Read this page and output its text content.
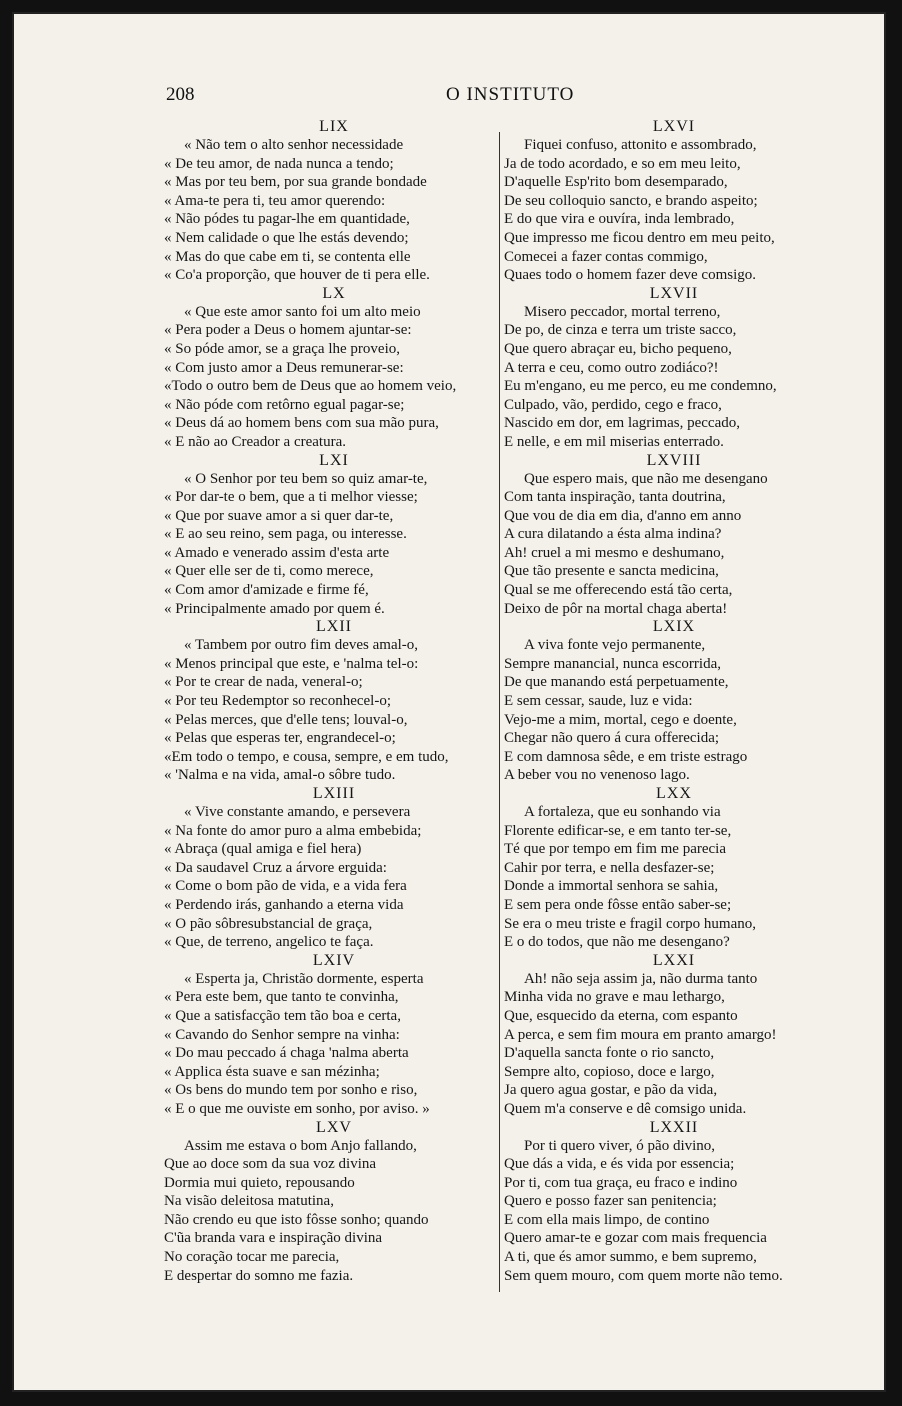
208	O INSTITUTO
LIX
« Não tem o alto senhor necessidade
« De teu amor, de nada nunca a tendo;
« Mas por teu bem, por sua grande bondade
« Ama-te pera ti, teu amor querendo:
« Não pódes tu pagar-lhe em quantidade,
« Nem calidade o que lhe estás devendo;
« Mas do que cabe em ti, se contenta elle
« Co'a proporção, que houver de ti pera elle.
LX
« Que este amor santo foi um alto meio
« Pera poder a Deus o homem ajuntar-se:
« So póde amor, se a graça lhe proveio,
« Com justo amor a Deus remunerar-se:
«Todo o outro bem de Deus que ao homem veio,
« Não póde com retôrno egual pagar-se;
« Deus dá ao homem bens com sua mão pura,
« E não ao Creador a creatura.
LXI
« O Senhor por teu bem so quiz amar-te,
« Por dar-te o bem, que a ti melhor viesse;
« Que por suave amor a si quer dar-te,
« E ao seu reino, sem paga, ou interesse.
« Amado e venerado assim d'esta arte
« Quer elle ser de ti, como merece,
« Com amor d'amizade e firme fé,
« Principalmente amado por quem é.
LXII
« Tambem por outro fim deves amal-o,
« Menos principal que este, e 'nalma tel-o:
« Por te crear de nada, veneral-o;
« Por teu Redemptor so reconhecel-o;
« Pelas merces, que d'elle tens; louval-o,
« Pelas que esperas ter, engrandecel-o;
«Em todo o tempo, e cousa, sempre, e em tudo,
« 'Nalma e na vida, amal-o sôbre tudo.
LXIII
« Vive constante amando, e persevera
« Na fonte do amor puro a alma embebida;
« Abraça (qual amiga e fiel hera)
« Da saudavel Cruz a árvore erguida:
« Come o bom pão de vida, e a vida fera
« Perdendo irás, ganhando a eterna vida
« O pão sôbresubstancial de graça,
« Que, de terreno, angelico te faça.
LXIV
« Esperta ja, Christão dormente, esperta
« Pera este bem, que tanto te convinha,
« Que a satisfacção tem tão boa e certa,
« Cavando do Senhor sempre na vinha:
« Do mau peccado á chaga 'nalma aberta
« Applica ésta suave e san mézinha;
« Os bens do mundo tem por sonho e riso,
« E o que me ouviste em sonho, por aviso. »
LXV
Assim me estava o bom Anjo fallando,
Que ao doce som da sua voz divina
Dormia mui quieto, repousando
Na visão deleitosa matutina,
Não crendo eu que isto fôsse sonho; quando
C'ũa branda vara e inspiração divina
No coração tocar me parecia,
E despertar do somno me fazia.
LXVI
Fiquei confuso, attonito e assombrado,
Ja de todo acordado, e so em meu leito,
D'aquelle Esp'rito bom desemparado,
De seu colloquio sancto, e brando aspeito;
E do que vira e ouvíra, inda lembrado,
Que impresso me ficou dentro em meu peito,
Comecei a fazer contas commigo,
Quaes todo o homem fazer deve comsigo.
LXVII
Misero peccador, mortal terreno,
De po, de cinza e terra um triste sacco,
Que quero abraçar eu, bicho pequeno,
A terra e ceu, como outro zodiáco?!
Eu m'engano, eu me perco, eu me condemno,
Culpado, vão, perdido, cego e fraco,
Nascido em dor, em lagrimas, peccado,
E nelle, e em mil miserias enterrado.
LXVIII
Que espero mais, que não me desengano
Com tanta inspiração, tanta doutrina,
Que vou de dia em dia, d'anno em anno
A cura dilatando a ésta alma indina?
Ah! cruel a mi mesmo e deshumano,
Que tão presente e sancta medicina,
Qual se me offerecendo está tão certa,
Deixo de pôr na mortal chaga aberta!
LXIX
A viva fonte vejo permanente,
Sempre manancial, nunca escorrida,
De que manando está perpetuamente,
E sem cessar, saude, luz e vida:
Vejo-me a mim, mortal, cego e doente,
Chegar não quero á cura offerecida;
E com damnosa sêde, e em triste estrago
A beber vou no venenoso lago.
LXX
A fortaleza, que eu sonhando via
Florente edificar-se, e em tanto ter-se,
Té que por tempo em fim me parecia
Cahir por terra, e nella desfazer-se;
Donde a immortal senhora se sahia,
E sem pera onde fôsse então saber-se;
Se era o meu triste e fragil corpo humano,
E o do todos, que não me desengano?
LXXI
Ah! não seja assim ja, não durma tanto
Minha vida no grave e mau lethargo,
Que, esquecido da eterna, com espanto
A perca, e sem fim moura em pranto amargo!
D'aquella sancta fonte o rio sancto,
Sempre alto, copioso, doce e largo,
Ja quero agua gostar, e pão da vida,
Quem m'a conserve e dê comsigo unida.
LXXII
Por ti quero viver, ó pão divino,
Que dás a vida, e és vida por essencia;
Por ti, com tua graça, eu fraco e indino
Quero e posso fazer san penitencia;
E com ella mais limpo, de contino
Quero amar-te e gozar com mais frequencia
A ti, que és amor summo, e bem supremo,
Sem quem mouro, com quem morte não temo.
